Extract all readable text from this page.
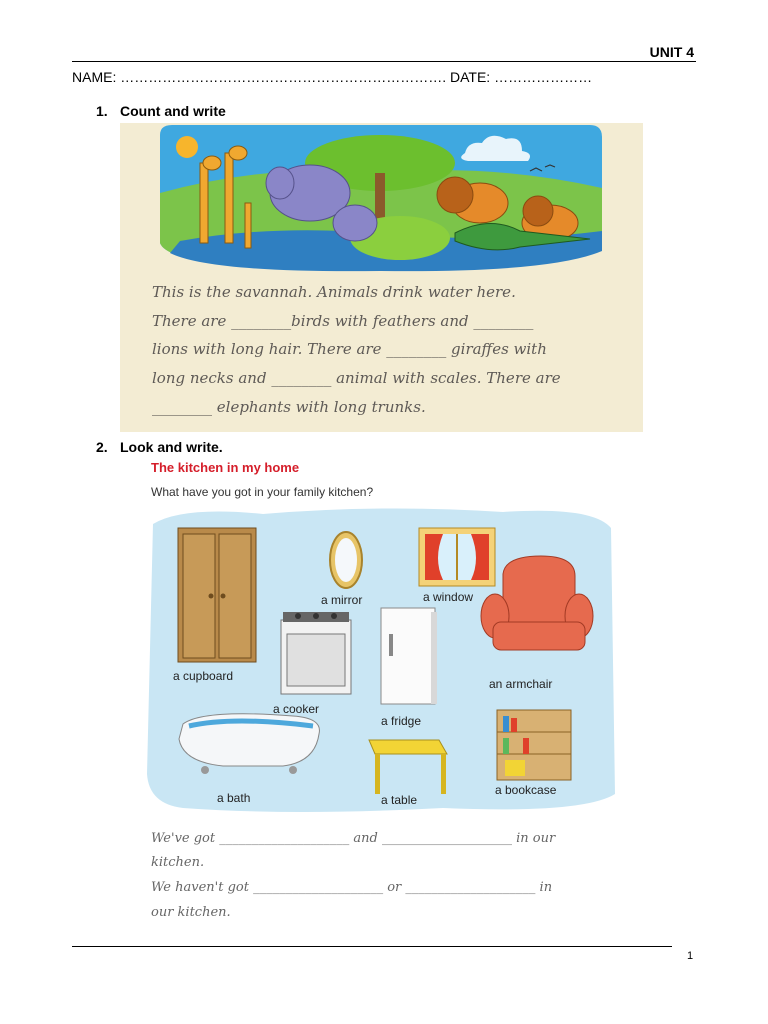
UNIT 4
NAME: ……………………………………………………………. DATE: …………………
1. Count and write
This is the savannah. Animals drink water here.
There are ________birds with feathers and ________
lions with long hair. There are ________ giraffes with
long necks and ________ animal with scales. There are
________ elephants with long trunks.
2. Look and write.
The kitchen in my home
What have you got in your family kitchen?
a mirror	a window
a cupboard
an armchair
a cooker
a fridge
a bath	a table
a bookcase
We've got ____________________ and ____________________ in our
kitchen.
We haven't got ____________________ or ____________________ in
our kitchen.
1
